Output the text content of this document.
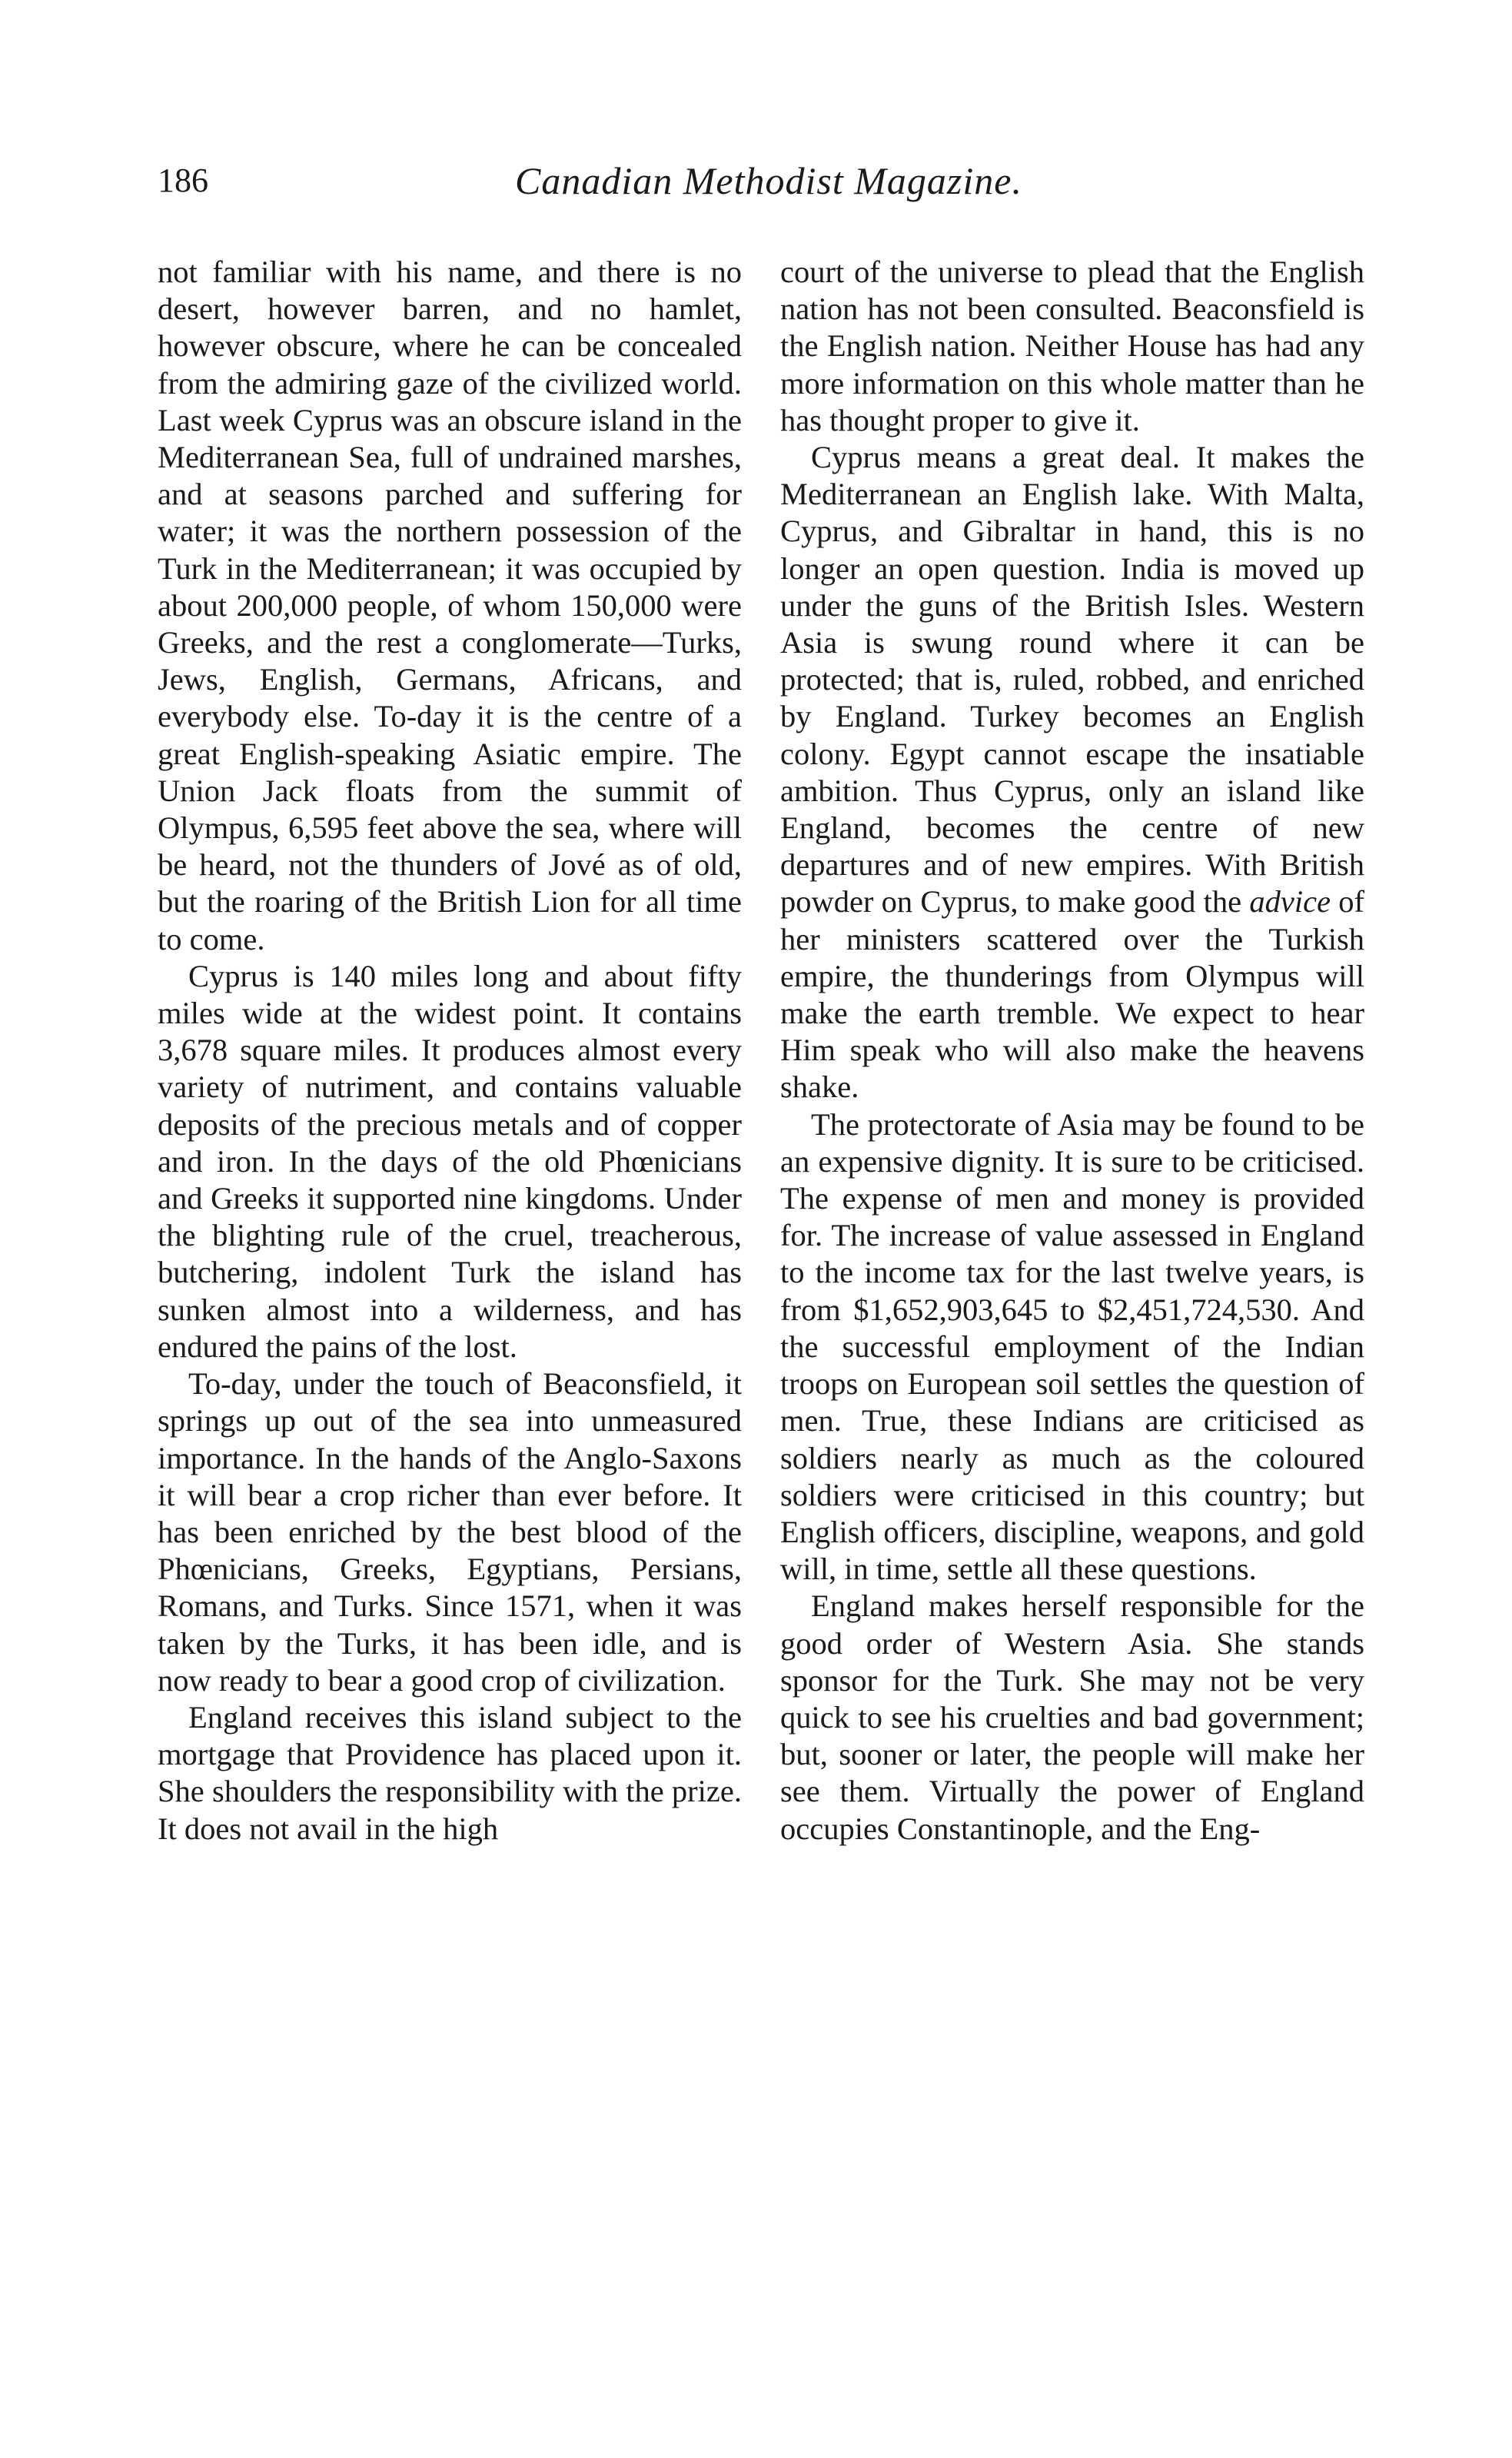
186	Canadian Methodist Magazine.

not familiar with his name, and there is no desert, however barren, and no hamlet, however obscure, where he can be concealed from the admiring gaze of the civilized world. Last week Cyprus was an obscure island in the Mediterranean Sea, full of undrained marshes, and at seasons parched and suffering for water; it was the northern possession of the Turk in the Mediterranean; it was occupied by about 200,000 people, of whom 150,000 were Greeks, and the rest a conglomerate—Turks, Jews, English, Germans, Africans, and everybody else. To-day it is the centre of a great English-speaking Asiatic empire. The Union Jack floats from the summit of Olympus, 6,595 feet above the sea, where will be heard, not the thunders of Jové as of old, but the roaring of the British Lion for all time to come.

Cyprus is 140 miles long and about fifty miles wide at the widest point. It contains 3,678 square miles. It produces almost every variety of nutriment, and contains valuable deposits of the precious metals and of copper and iron. In the days of the old Phœnicians and Greeks it supported nine kingdoms. Under the blighting rule of the cruel, treacherous, butchering, indolent Turk the island has sunken almost into a wilderness, and has endured the pains of the lost.

To-day, under the touch of Beaconsfield, it springs up out of the sea into unmeasured importance. In the hands of the Anglo-Saxons it will bear a crop richer than ever before. It has been enriched by the best blood of the Phœnicians, Greeks, Egyptians, Persians, Romans, and Turks. Since 1571, when it was taken by the Turks, it has been idle, and is now ready to bear a good crop of civilization.

England receives this island subject to the mortgage that Providence has placed upon it. She shoulders the responsibility with the prize. It does not avail in the high

court of the universe to plead that the English nation has not been consulted. Beaconsfield is the English nation. Neither House has had any more information on this whole matter than he has thought proper to give it.

Cyprus means a great deal. It makes the Mediterranean an English lake. With Malta, Cyprus, and Gibraltar in hand, this is no longer an open question. India is moved up under the guns of the British Isles. Western Asia is swung round where it can be protected; that is, ruled, robbed, and enriched by England. Turkey becomes an English colony. Egypt cannot escape the insatiable ambition. Thus Cyprus, only an island like England, becomes the centre of new departures and of new empires. With British powder on Cyprus, to make good the advice of her ministers scattered over the Turkish empire, the thunderings from Olympus will make the earth tremble. We expect to hear Him speak who will also make the heavens shake.

The protectorate of Asia may be found to be an expensive dignity. It is sure to be criticised. The expense of men and money is provided for. The increase of value assessed in England to the income tax for the last twelve years, is from $1,652,903,645 to $2,451,724,530. And the successful employment of the Indian troops on European soil settles the question of men. True, these Indians are criticised as soldiers nearly as much as the coloured soldiers were criticised in this country; but English officers, discipline, weapons, and gold will, in time, settle all these questions.

England makes herself responsible for the good order of Western Asia. She stands sponsor for the Turk. She may not be very quick to see his cruelties and bad government; but, sooner or later, the people will make her see them. Virtually the power of England occupies Constantinople, and the Eng-
